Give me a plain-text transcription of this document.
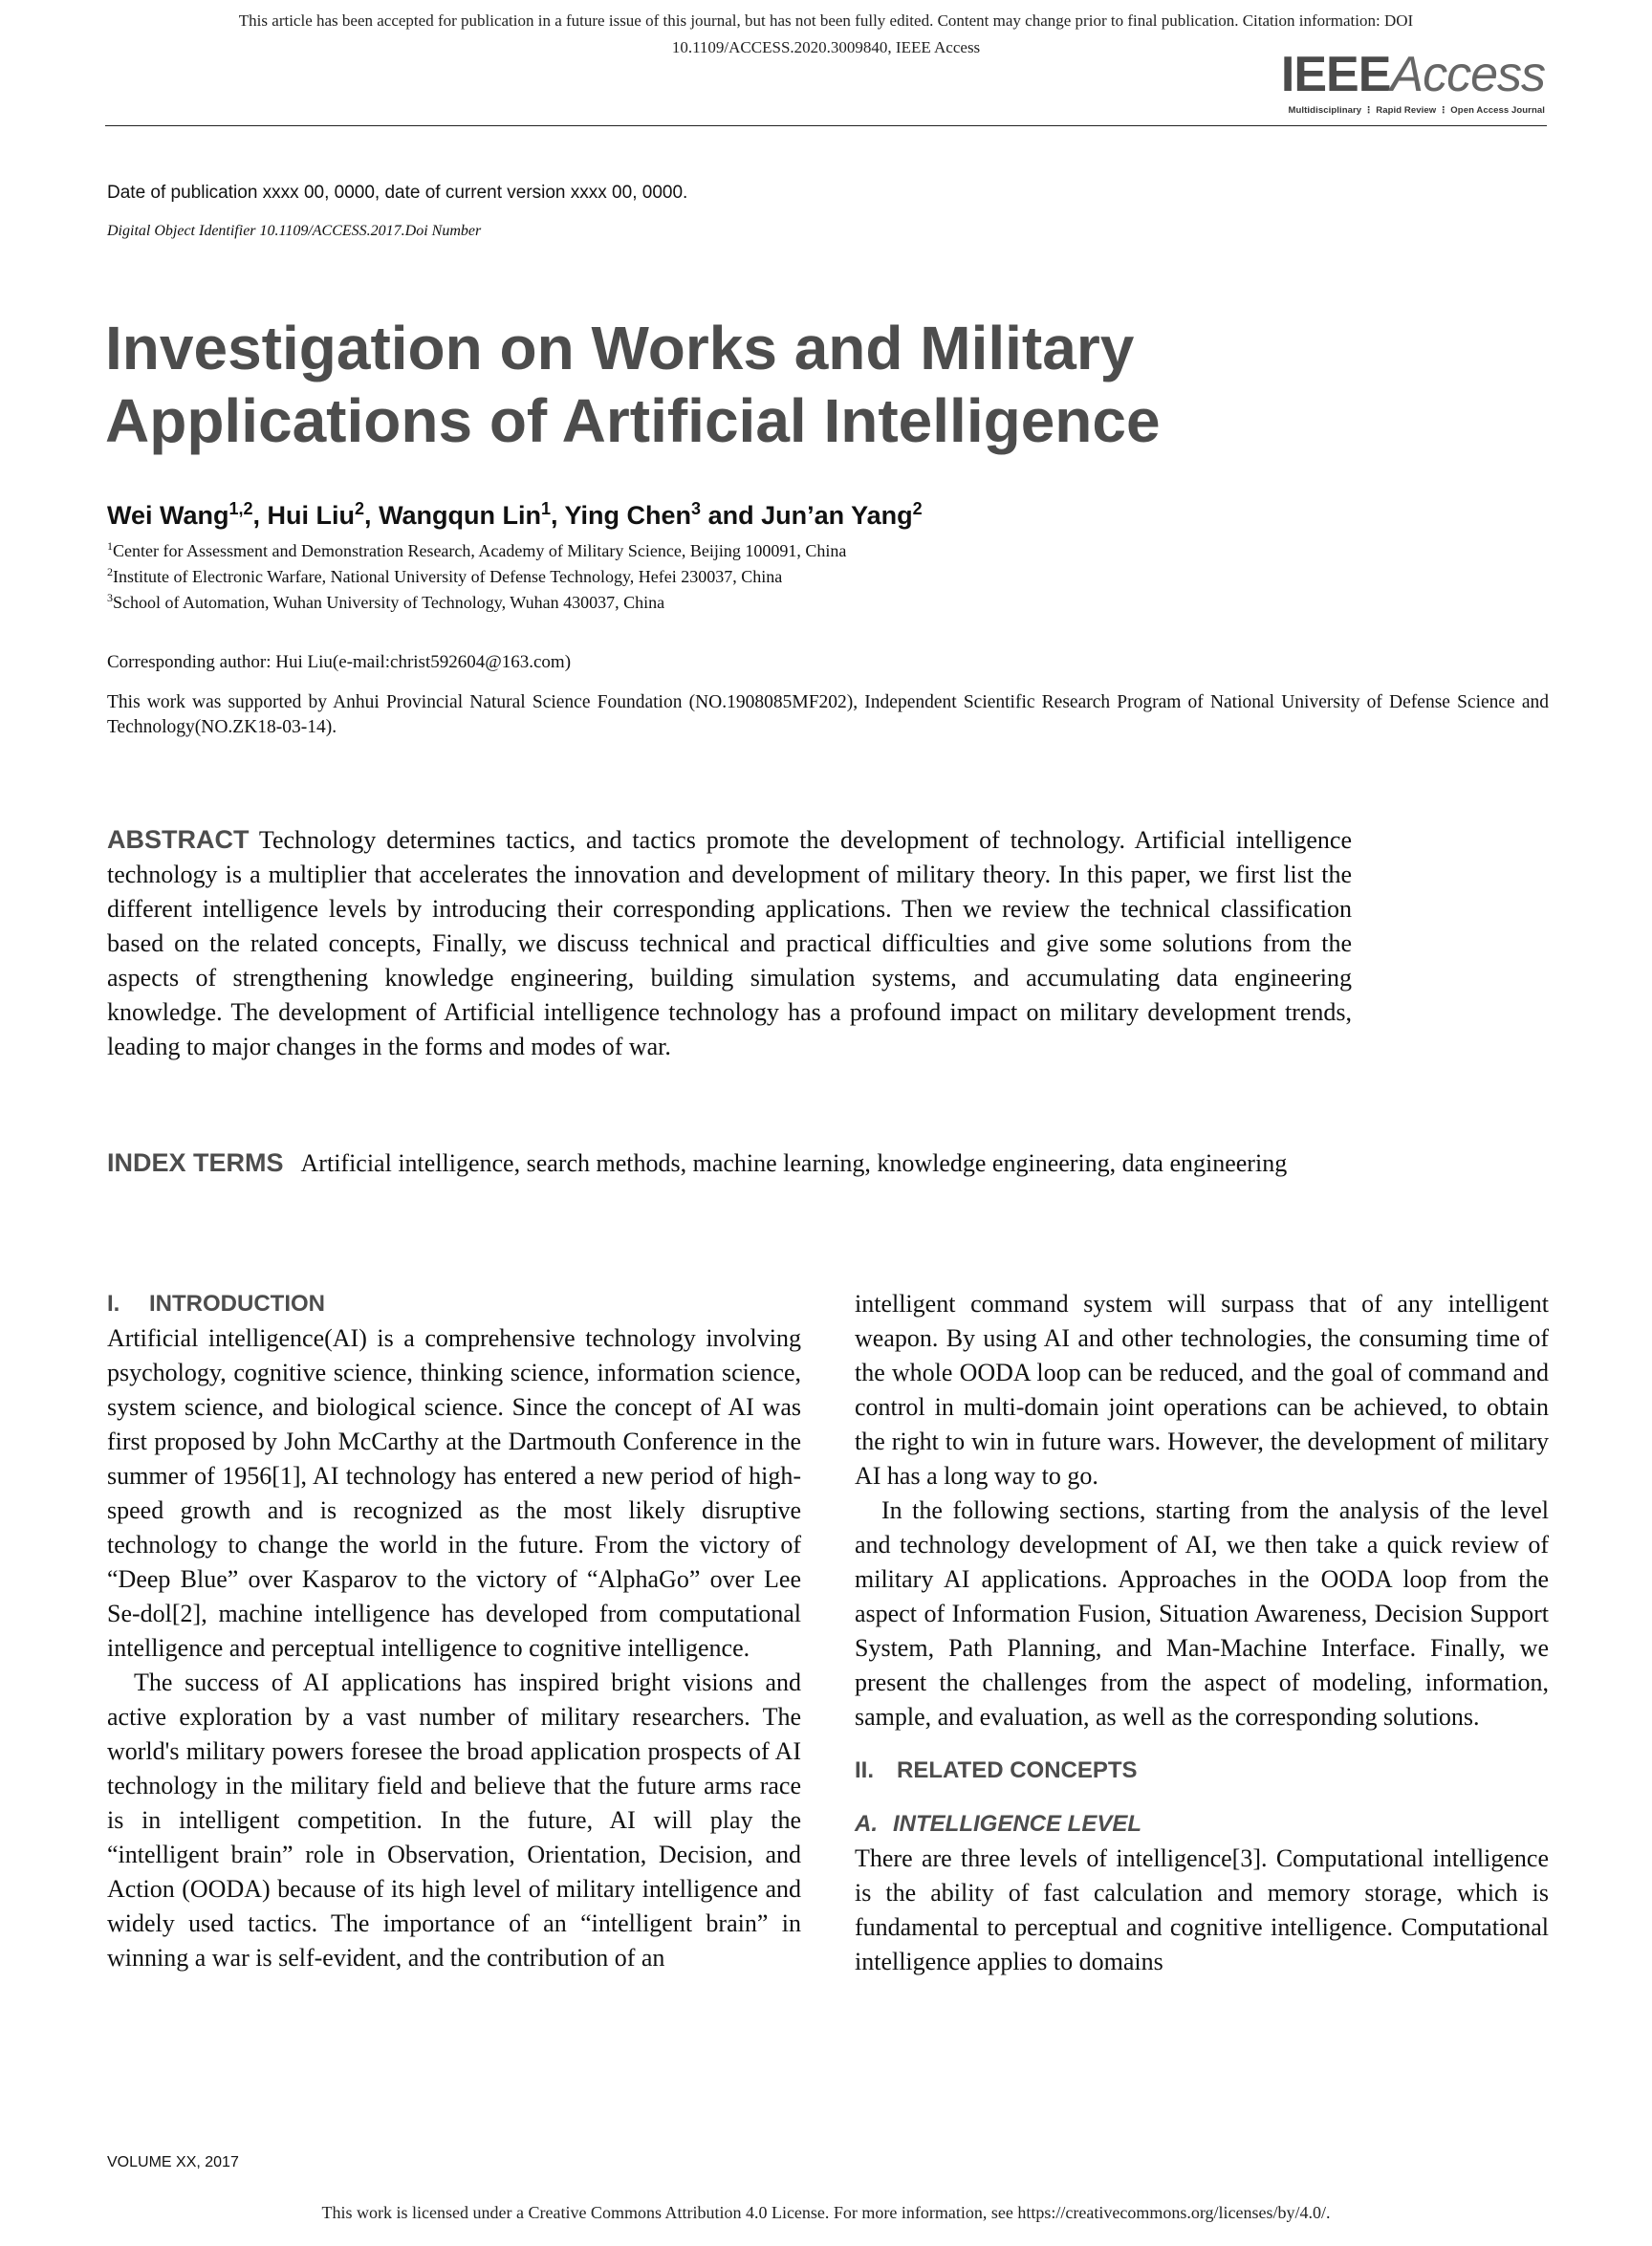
This article has been accepted for publication in a future issue of this journal, but has not been fully edited. Content may change prior to final publication. Citation information: DOI
10.1109/ACCESS.2020.3009840, IEEE Access	IEEEAccess
Multidisciplinary ⋮ Rapid Review ⋮ Open Access Journal
Date of publication xxxx 00, 0000, date of current version xxxx 00, 0000.
Digital Object Identifier 10.1109/ACCESS.2017.Doi Number
Investigation on Works and Military
Applications of Artificial Intelligence
Wei Wang$^{1,2}$, Hui Liu$^2$, Wangqun Lin$^1$, Ying Chen$^3$ and Jun’an Yang$^2$
$^1$Center for Assessment and Demonstration Research, Academy of Military Science, Beijing 100091, China
$^2$Institute of Electronic Warfare, National University of Defense Technology, Hefei 230037, China
$^3$School of Automation, Wuhan University of Technology, Wuhan 430037, China
Corresponding author: Hui Liu(e-mail:christ592604@163.com)
This work was supported by Anhui Provincial Natural Science Foundation (NO.1908085MF202), Independent Scientific Research Program of National University of Defense Science and Technology(NO.ZK18-03-14).

ABSTRACT Technology determines tactics, and tactics promote the development of technology. Artificial intelligence technology is a multiplier that accelerates the innovation and development of military theory. In this paper, we first list the different intelligence levels by introducing their corresponding applications. Then we review the technical classification based on the related concepts, Finally, we discuss technical and practical difficulties and give some solutions from the aspects of strengthening knowledge engineering, building simulation systems, and accumulating data engineering knowledge. The development of Artificial intelligence technology has a profound impact on military development trends, leading to major changes in the forms and modes of war.

INDEX TERMS Artificial intelligence, search methods, machine learning, knowledge engineering, data engineering

I. INTRODUCTION

Artificial intelligence(AI) is a comprehensive technology involving psychology, cognitive science, thinking science, information science, system science, and biological science. Since the concept of AI was first proposed by John McCarthy at the Dartmouth Conference in the summer of 1956[1], AI technology has entered a new period of high-speed growth and is recognized as the most likely disruptive technology to change the world in the future. From the victory of “Deep Blue” over Kasparov to the victory of “AlphaGo” over Lee Se-dol[2], machine intelligence has developed from computational intelligence and perceptual intelligence to cognitive intelligence.

The success of AI applications has inspired bright visions and active exploration by a vast number of military researchers. The world's military powers foresee the broad application prospects of AI technology in the military field and believe that the future arms race is in intelligent competition. In the future, AI will play the “intelligent brain” role in Observation, Orientation, Decision, and Action (OODA) because of its high level of military intelligence and widely used tactics. The importance of an “intelligent brain” in winning a war is self-evident, and the contribution of an

intelligent command system will surpass that of any intelligent weapon. By using AI and other technologies, the consuming time of the whole OODA loop can be reduced, and the goal of command and control in multi-domain joint operations can be achieved, to obtain the right to win in future wars. However, the development of military AI has a long way to go.

In the following sections, starting from the analysis of the level and technology development of AI, we then take a quick review of military AI applications. Approaches in the OODA loop from the aspect of Information Fusion, Situation Awareness, Decision Support System, Path Planning, and Man-Machine Interface. Finally, we present the challenges from the aspect of modeling, information, sample, and evaluation, as well as the corresponding solutions.

II. RELATED CONCEPTS
A. INTELLIGENCE LEVEL

There are three levels of intelligence[3]. Computational intelligence is the ability of fast calculation and memory storage, which is fundamental to perceptual and cognitive intelligence. Computational intelligence applies to domains

VOLUME XX, 2017
This work is licensed under a Creative Commons Attribution 4.0 License. For more information, see https://creativecommons.org/licenses/by/4.0/.
